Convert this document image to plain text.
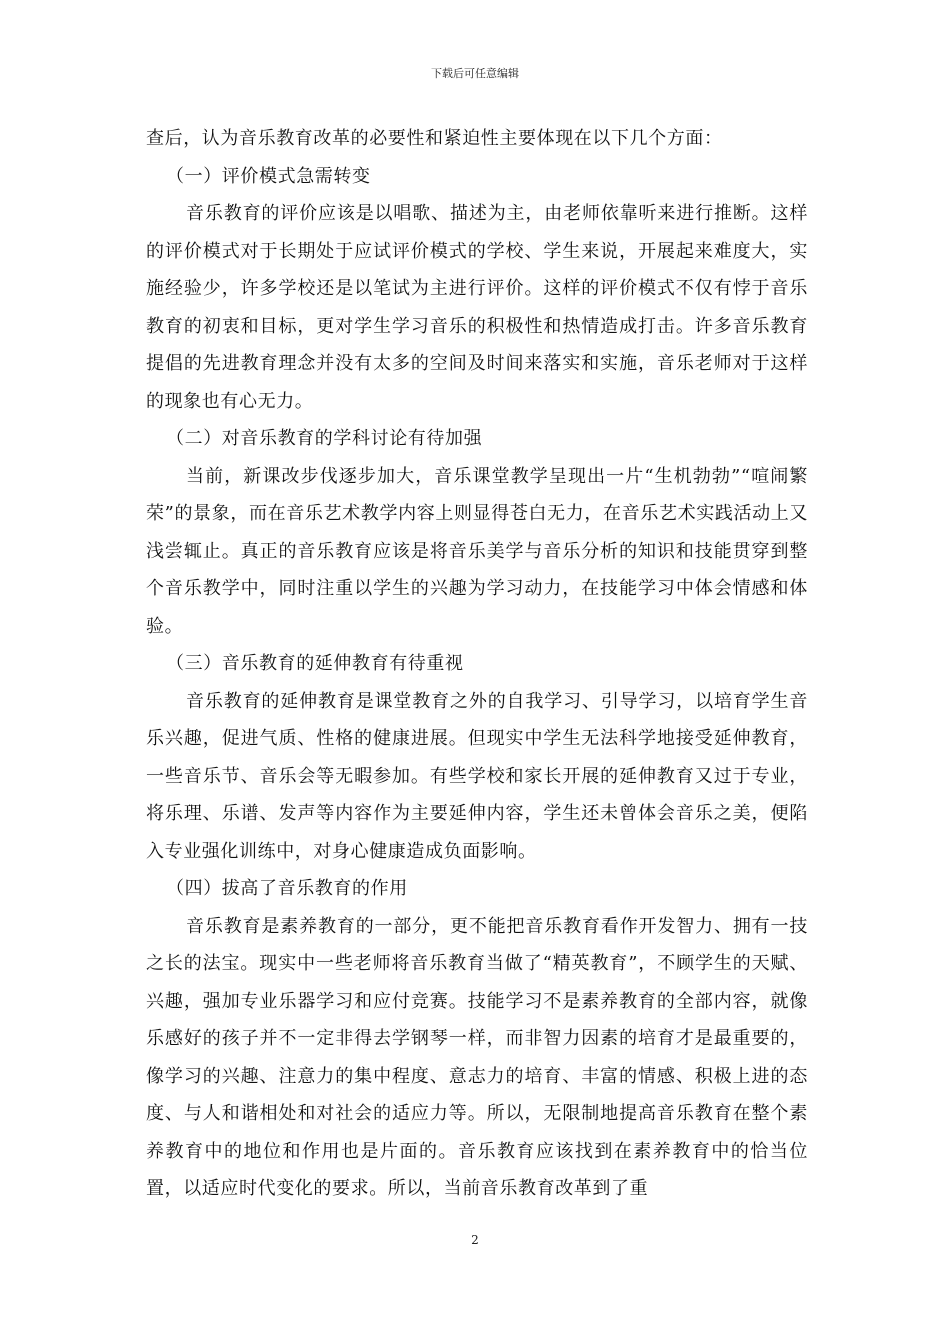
下载后可任意编辑

查后，认为音乐教育改革的必要性和紧迫性主要体现在以下几个方面：

（一）评价模式急需转变

音乐教育的评价应该是以唱歌、描述为主，由老师依靠听来进行推断。这样的评价模式对于长期处于应试评价模式的学校、学生来说，开展起来难度大，实施经验少，许多学校还是以笔试为主进行评价。这样的评价模式不仅有悖于音乐教育的初衷和目标，更对学生学习音乐的积极性和热情造成打击。许多音乐教育提倡的先进教育理念并没有太多的空间及时间来落实和实施，音乐老师对于这样的现象也有心无力。

（二）对音乐教育的学科讨论有待加强

当前，新课改步伐逐步加大，音乐课堂教学呈现出一片“生机勃勃”“喧闹繁荣”的景象，而在音乐艺术教学内容上则显得苍白无力，在音乐艺术实践活动上又浅尝辄止。真正的音乐教育应该是将音乐美学与音乐分析的知识和技能贯穿到整个音乐教学中，同时注重以学生的兴趣为学习动力，在技能学习中体会情感和体验。

（三）音乐教育的延伸教育有待重视

音乐教育的延伸教育是课堂教育之外的自我学习、引导学习，以培育学生音乐兴趣，促进气质、性格的健康进展。但现实中学生无法科学地接受延伸教育，一些音乐节、音乐会等无暇参加。有些学校和家长开展的延伸教育又过于专业，将乐理、乐谱、发声等内容作为主要延伸内容，学生还未曾体会音乐之美，便陷入专业强化训练中，对身心健康造成负面影响。

（四）拔高了音乐教育的作用

音乐教育是素养教育的一部分，更不能把音乐教育看作开发智力、拥有一技之长的法宝。现实中一些老师将音乐教育当做了“精英教育”，不顾学生的天赋、兴趣，强加专业乐器学习和应付竞赛。技能学习不是素养教育的全部内容，就像乐感好的孩子并不一定非得去学钢琴一样，而非智力因素的培育才是最重要的，像学习的兴趣、注意力的集中程度、意志力的培育、丰富的情感、积极上进的态度、与人和谐相处和对社会的适应力等。所以，无限制地提高音乐教育在整个素养教育中的地位和作用也是片面的。音乐教育应该找到在素养教育中的恰当位置，以适应时代变化的要求。所以，当前音乐教育改革到了重

2
